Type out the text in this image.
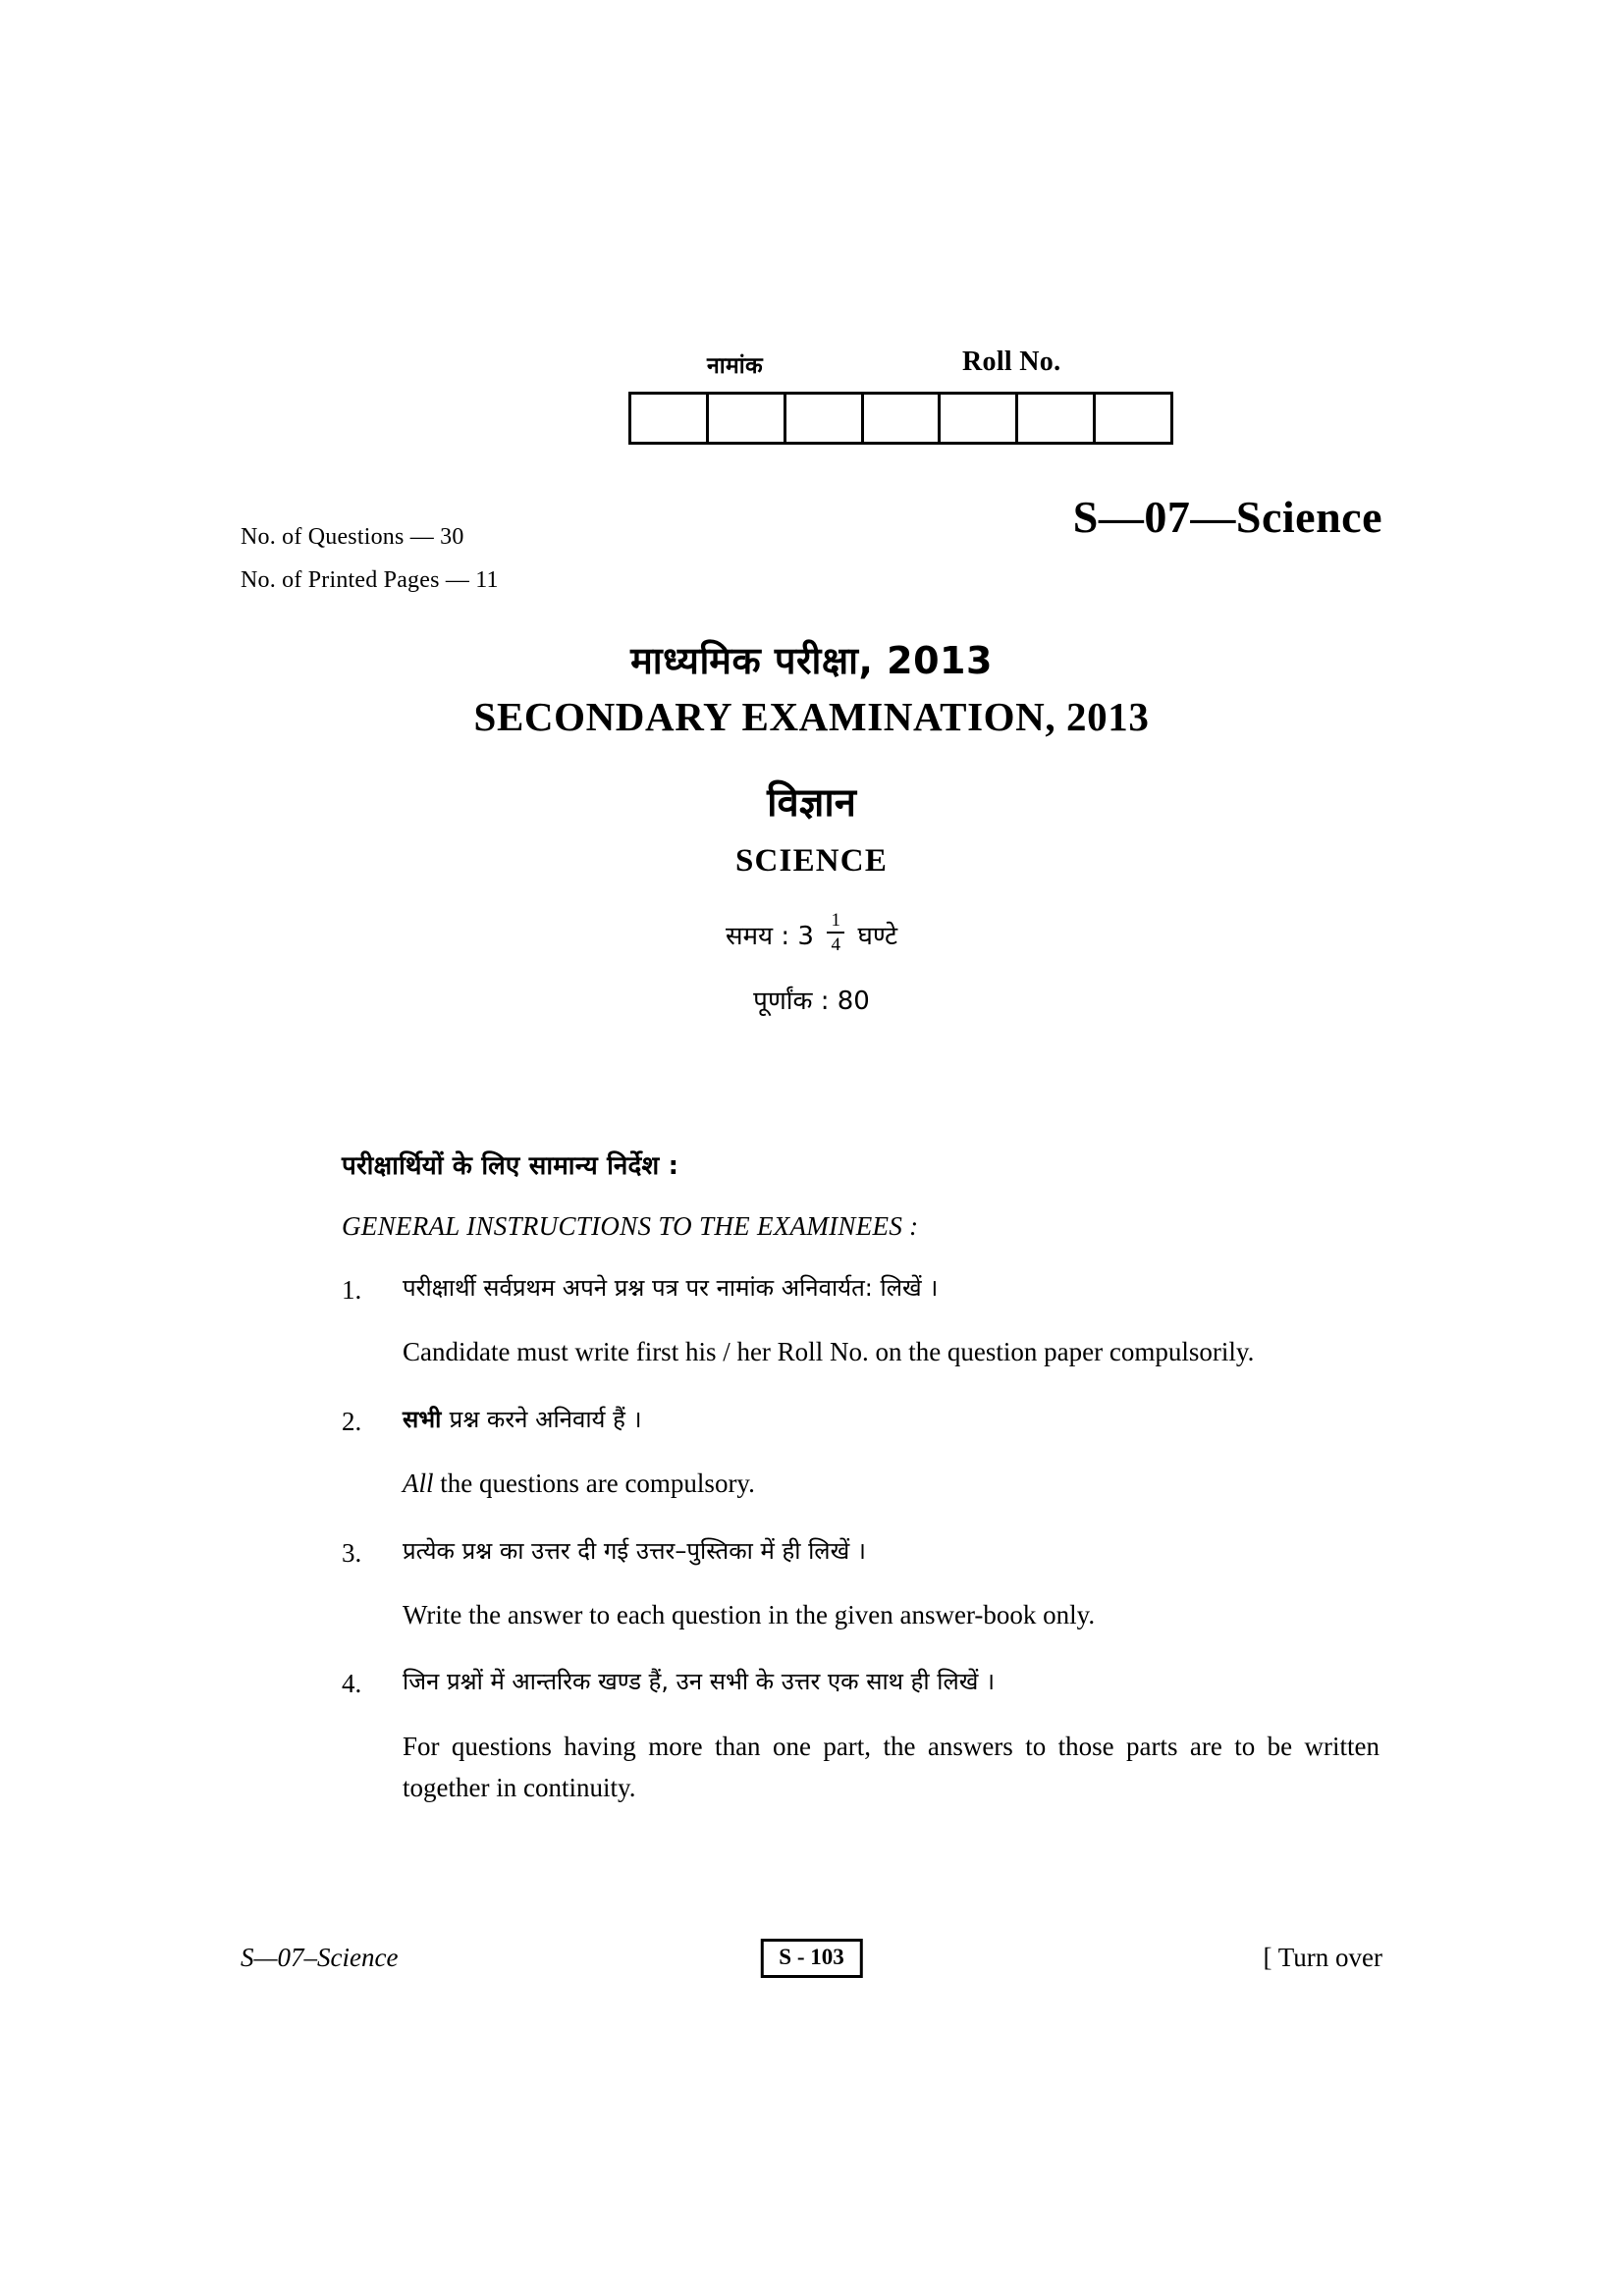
नामांक	Roll No.
No. of Questions — 30
No. of Printed Pages — 11
S—07—Science
माध्यमिक परीक्षा, 2013
SECONDARY EXAMINATION, 2013
विज्ञान
SCIENCE
समय : $3 \frac{1}{4}$ घण्टे
पूर्णांक : 80
परीक्षार्थियों के लिए सामान्य निर्देश :
GENERAL INSTRUCTIONS TO THE EXAMINEES :
1.	परीक्षार्थी सर्वप्रथम अपने प्रश्न पत्र पर नामांक अनिवार्यत: लिखें ।
Candidate must write first his / her Roll No. on the question paper compulsorily.
2.	सभी प्रश्न करने अनिवार्य हैं ।
All the questions are compulsory.
3.	प्रत्येक प्रश्न का उत्तर दी गई उत्तर–पुस्तिका में ही लिखें ।
Write the answer to each question in the given answer-book only.
4.	जिन प्रश्नों में आन्तरिक खण्ड हैं, उन सभी के उत्तर एक साथ ही लिखें ।
For questions having more than one part, the answers to those parts are to be written together in continuity.
S—07–Science	S - 103	[ Turn over
